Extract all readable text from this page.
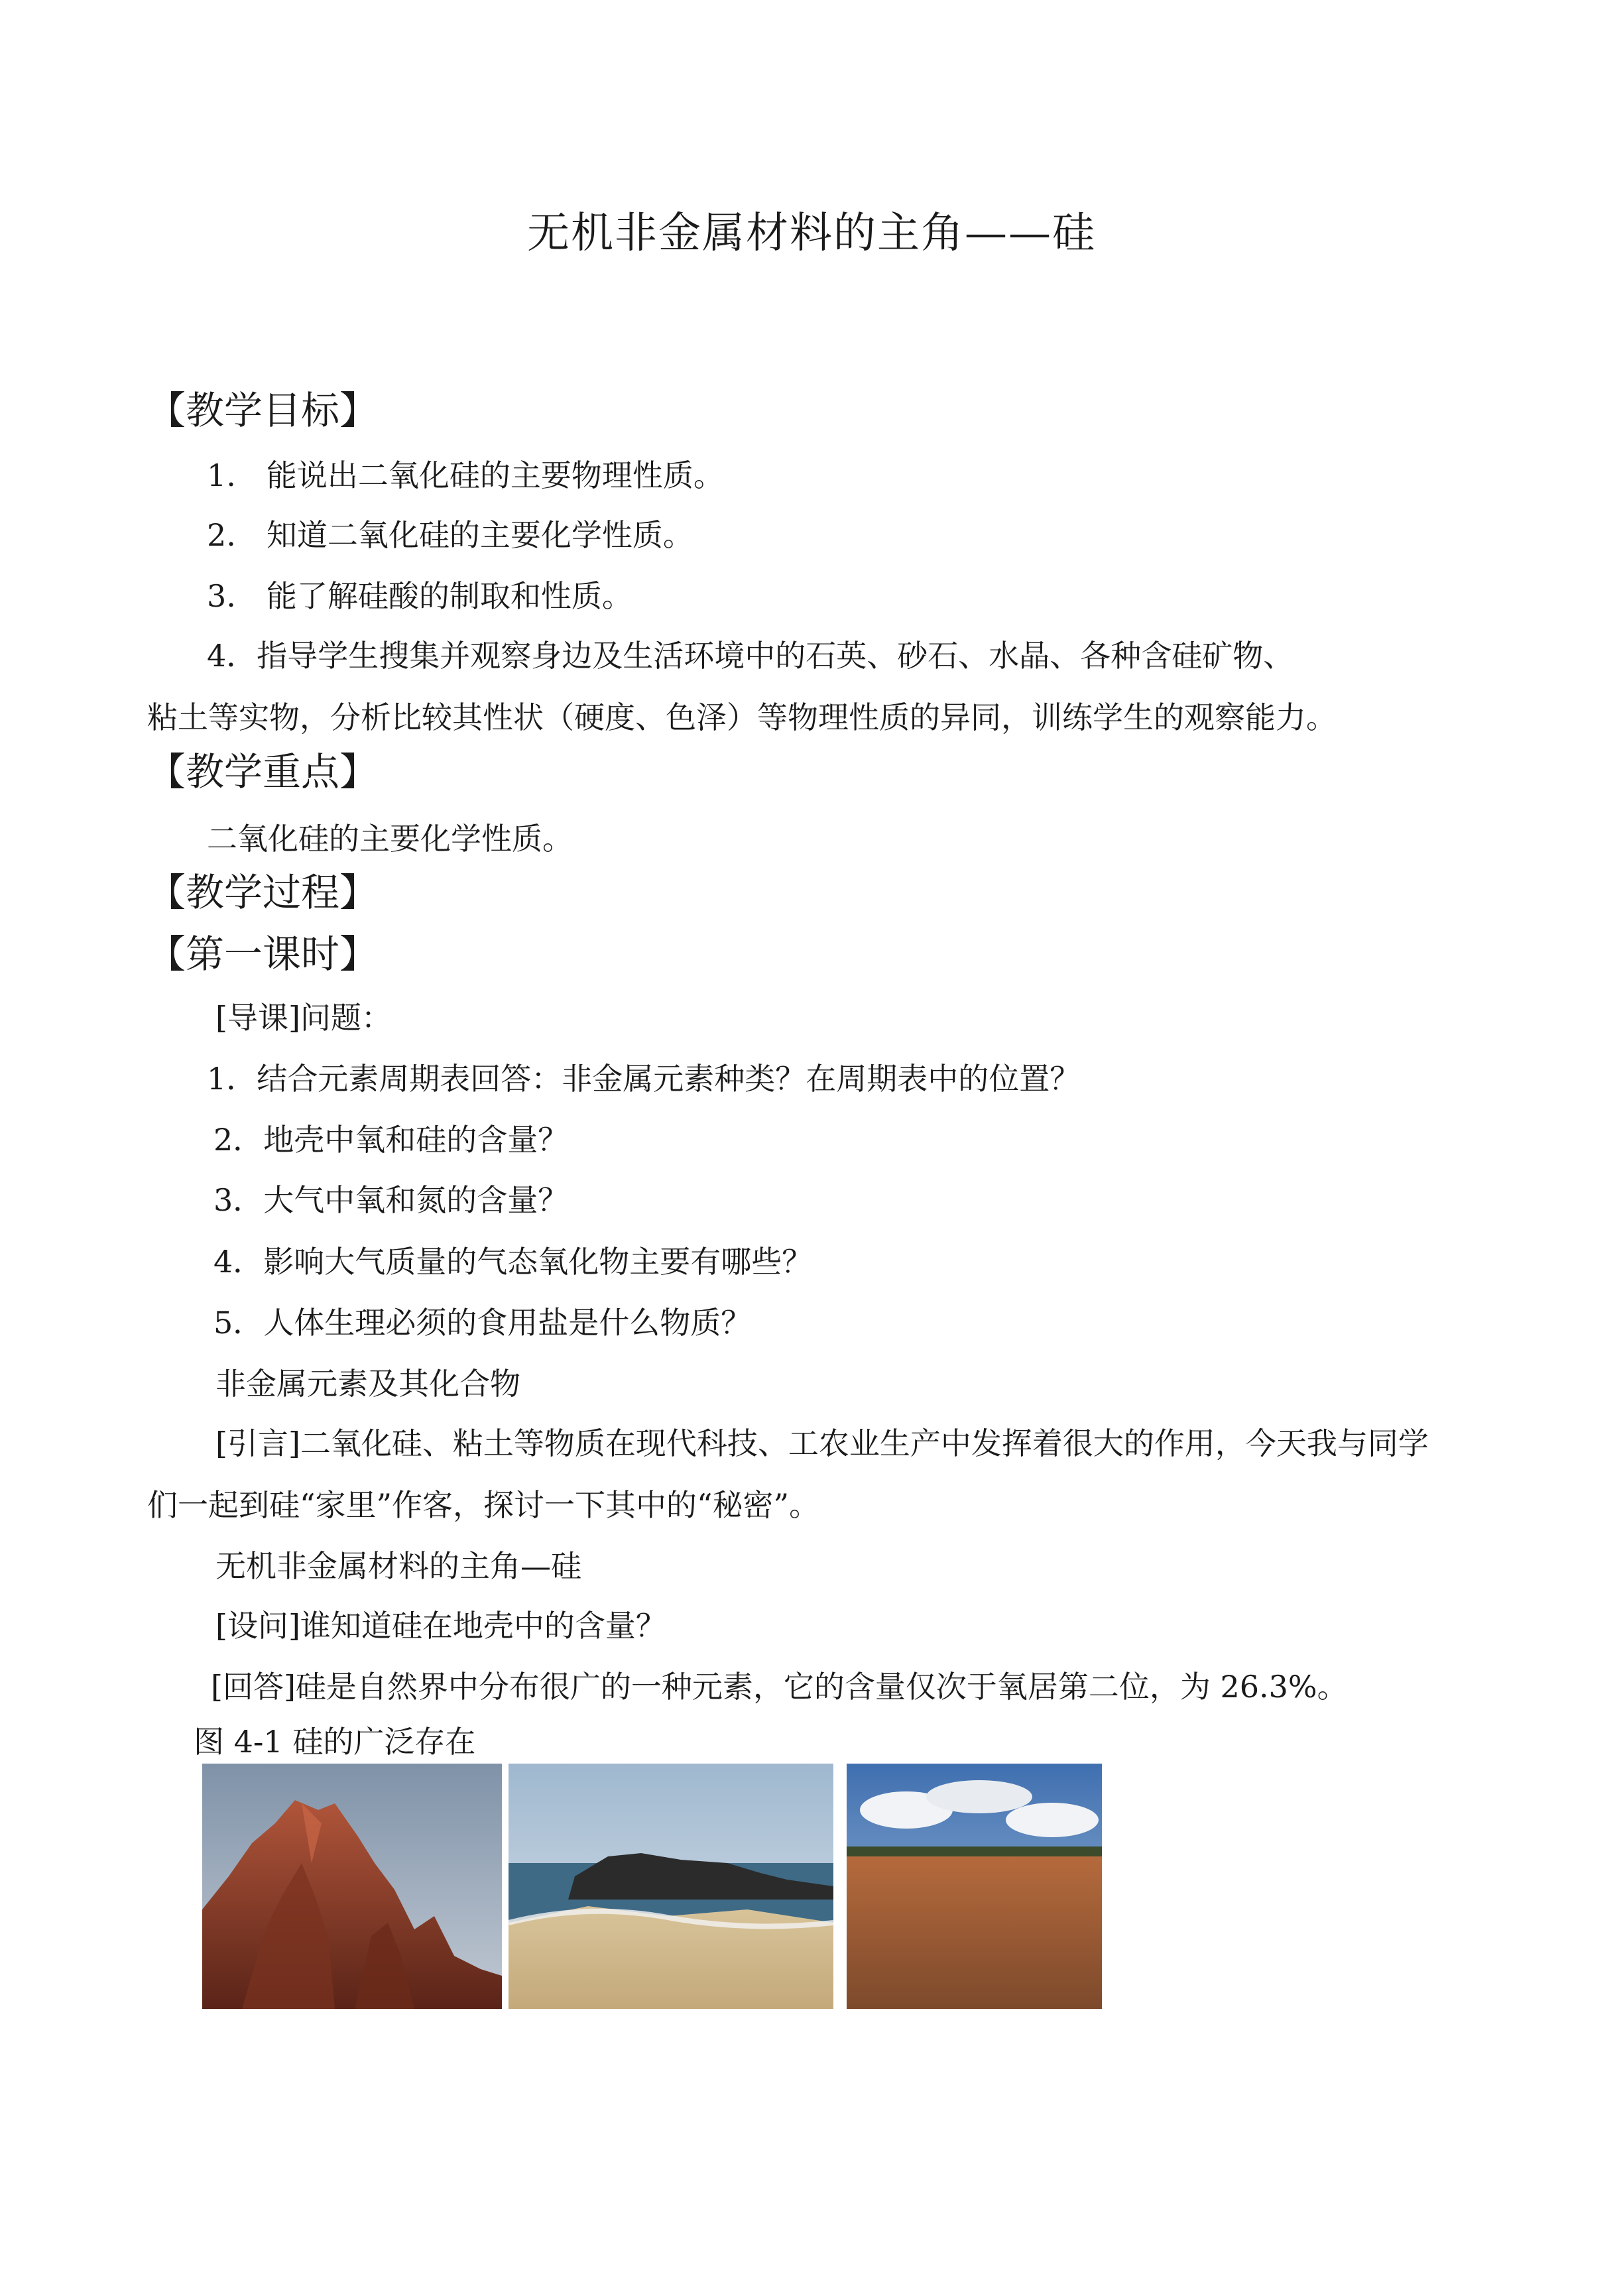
无机非金属材料的主角——硅
【教学目标】
1.　能说出二氧化硅的主要物理性质。
2.　知道二氧化硅的主要化学性质。
3.　能了解硅酸的制取和性质。
4．指导学生搜集并观察身边及生活环境中的石英、砂石、水晶、各种含硅矿物、
粘土等实物，分析比较其性状（硬度、色泽）等物理性质的异同，训练学生的观察能力。
【教学重点】
二氧化硅的主要化学性质。
【教学过程】
【第一课时】
[导课]问题：
1．结合元素周期表回答：非金属元素种类？在周期表中的位置？
2．地壳中氧和硅的含量？
3．大气中氧和氮的含量？
4．影响大气质量的气态氧化物主要有哪些？
5．人体生理必须的食用盐是什么物质？
非金属元素及其化合物
[引言]二氧化硅、粘土等物质在现代科技、工农业生产中发挥着很大的作用，今天我与同学
们一起到硅“家里”作客，探讨一下其中的“秘密”。
无机非金属材料的主角—硅
[设问]谁知道硅在地壳中的含量？
[回答]硅是自然界中分布很广的一种元素，它的含量仅次于氧居第二位，为 26.3%。
图 4-1 硅的广泛存在
